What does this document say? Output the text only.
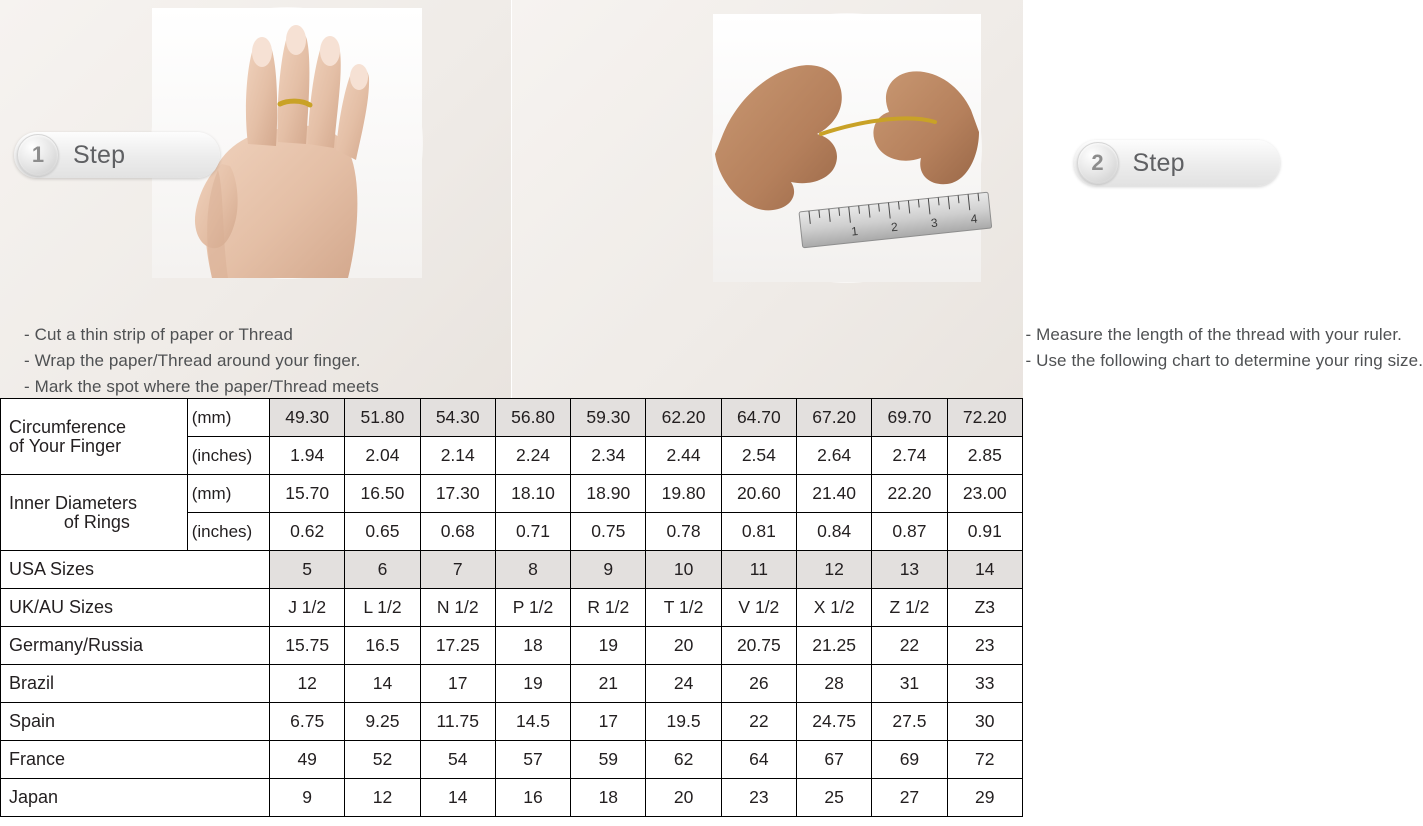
1	Step
- Cut a thin strip of paper or Thread
- Wrap the paper/Thread around your finger.
- Mark the spot where the paper/Thread meets
1	2	3	4
2	Step
- Measure the length of the thread with your ruler.
- Use the following chart to determine your ring size.
Circumference
of Your Finger	(mm)	49.30	51.80	54.30	56.80	59.30	62.20	64.70	67.20	69.70	72.20
	(inches)	1.94	2.04	2.14	2.24	2.34	2.44	2.54	2.64	2.74	2.85

Inner Diameters
of Rings	(mm)	15.70	16.50	17.30	18.10	18.90	19.80	20.60	21.40	22.20	23.00
	(inches)	0.62	0.65	0.68	0.71	0.75	0.78	0.81	0.84	0.87	0.91
USA Sizes		5	6	7	8	9	10	11	12	13	14
UK/AU Sizes		J 1/2	L 1/2	N 1/2	P 1/2	R 1/2	T 1/2	V 1/2	X 1/2	Z 1/2	Z3
Germany/Russia		15.75	16.5	17.25	18	19	20	20.75	21.25	22	23
Brazil		12	14	17	19	21	24	26	28	31	33
Spain		6.75	9.25	11.75	14.5	17	19.5	22	24.75	27.5	30
France		49	52	54	57	59	62	64	67	69	72
Japan		9	12	14	16	18	20	23	25	27	29
